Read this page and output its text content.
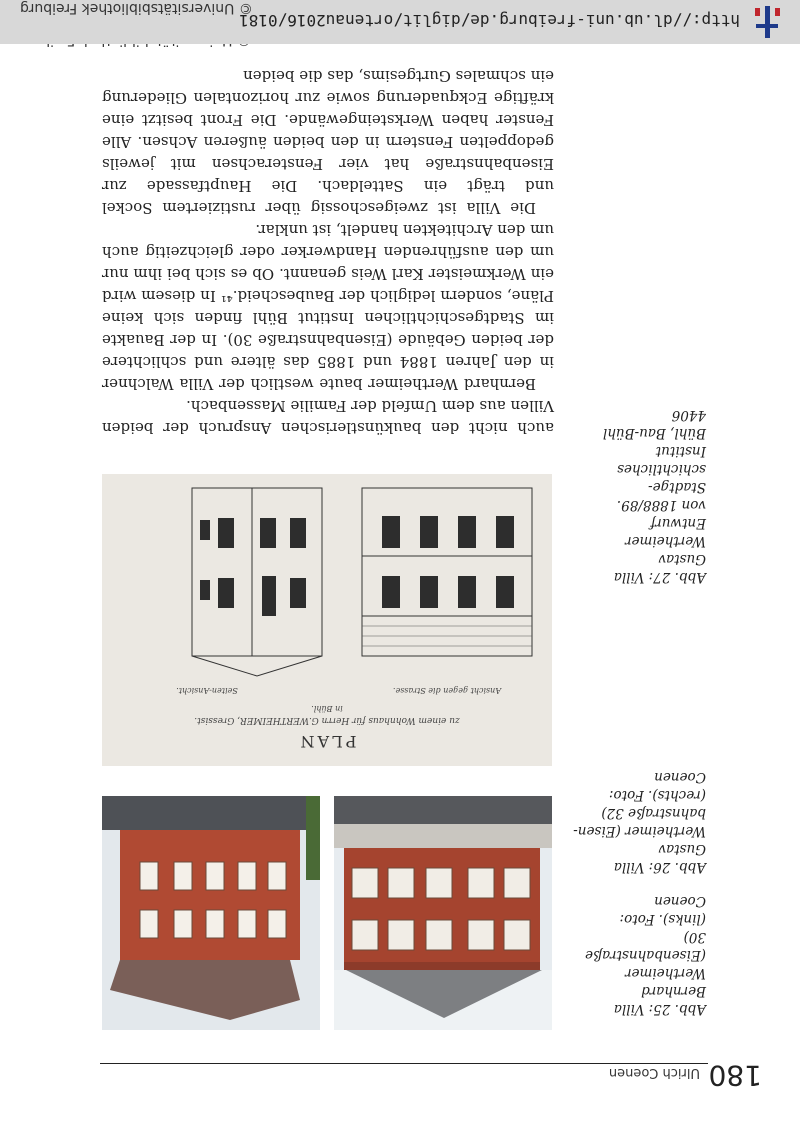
180
Ulrich Coenen

Abb. 25: Villa

Bernhard Wertheimer

(Eisenbahnstraße 30)

(links). Foto: Coenen

Abb. 26: Villa Gustav

Wertheimer (Eisen-

bahnstraße 32)

(rechts). Foto: Coenen

PLAN
zu einem Wohnhaus für Herrn G.WERTHEIMER, Gressist.
in Bühl.
Ansicht gegen die Strasse.
Seiten-Ansicht.

Abb. 27: Villa Gustav

Wertheimer Entwurf

von 1888/89. Stadtge-

schichtliches Institut

Bühl, Bau-Bühl 4406

auch nicht den baukünstlerischen Anspruch der beiden Villen aus dem Umfeld der Familie Massenbach.

Bernhard Wertheimer baute westlich der Villa Walchner in den Jahren 1884 und 1885 das ältere und schlichtere der beiden Gebäude (Eisenbahnstraße 30). In der Bauakte im Stadtgeschichtlichen Institut Bühl finden sich keine Pläne, sondern lediglich der Baubescheid.⁴¹ In diesem wird ein Werkmeister Karl Weis genannt. Ob es sich bei ihm nur um den ausführenden Handwerker oder gleichzeitig auch um den Architekten handelt, ist unklar.

Die Villa ist zweigeschossig über rustiziertem Sockel und trägt ein Satteldach. Die Hauptfassade zur Eisenbahnstraße hat vier Fensterachsen mit jeweils gedoppelten Fenstern in den beiden äußeren Achsen. Alle Fenster haben Werksteingewände. Die Front besitzt eine kräftige Eckquaderung sowie zur horizontalen Gliederung ein schmales Gurtgesims, das die beiden

http://dl.ub.uni-freiburg.de/diglit/ortenau2016/0181
© Universitätsbibliothek Freiburg
